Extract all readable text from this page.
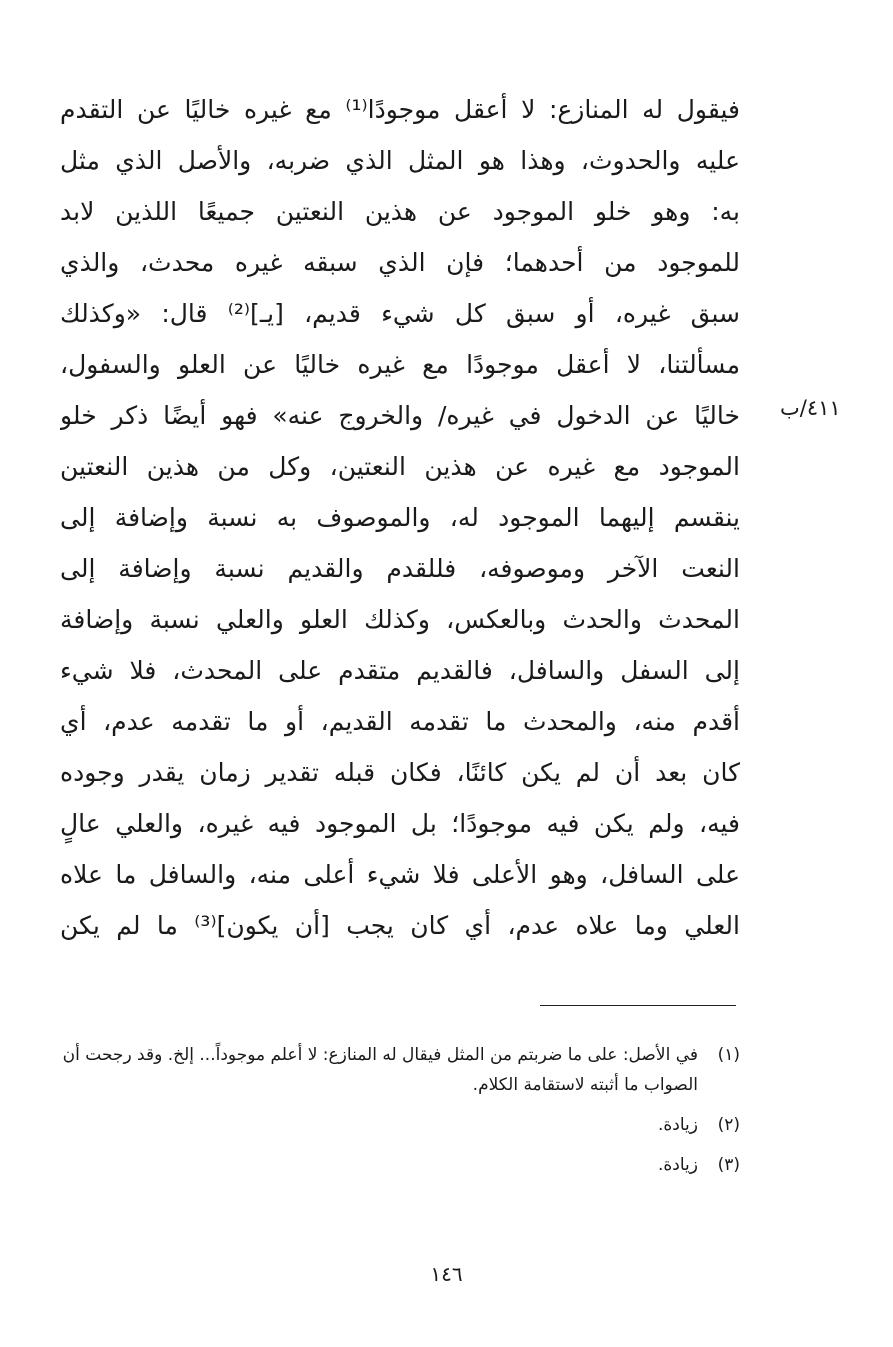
فيقول له المنازع: لا أعقل موجودًا⁽¹⁾ مع غيره خاليًا عن التقدم
عليه والحدوث، وهذا هو المثل الذي ضربه، والأصل الذي مثل
به: وهو خلو الموجود عن هذين النعتين جميعًا اللذين لابد
للموجود من أحدهما؛ فإن الذي سبقه غيره محدث، والذي
سبق غيره، أو سبق كل شيء قديم، [يـ]⁽²⁾ قال: «وكذلك
مسألتنا، لا أعقل موجودًا مع غيره خاليًا عن العلو والسفول،
خاليًا عن الدخول في غيره/ والخروج عنه» فهو أيضًا ذكر خلو
الموجود مع غيره عن هذين النعتين، وكل من هذين النعتين
ينقسم إليهما الموجود له، والموصوف به نسبة وإضافة إلى
النعت الآخر وموصوفه، فللقدم والقديم نسبة وإضافة إلى
المحدث والحدث وبالعكس، وكذلك العلو والعلي نسبة وإضافة
إلى السفل والسافل، فالقديم متقدم على المحدث، فلا شيء
أقدم منه، والمحدث ما تقدمه القديم، أو ما تقدمه عدم، أي
كان بعد أن لم يكن كائنًا، فكان قبله تقدير زمان يقدر وجوده
فيه، ولم يكن فيه موجودًا؛ بل الموجود فيه غيره، والعلي عالٍ
على السافل، وهو الأعلى فلا شيء أعلى منه، والسافل ما علاه
العلي وما علاه عدم، أي كان يجب [أن يكون]⁽³⁾ ما لم يكن
٤١١/ب
(١)
في الأصل: على ما ضربتم من المثل فيقال له المنازع: لا أعلم موجوداً... إلخ. وقد رجحت أن الصواب ما أثبته لاستقامة الكلام.
(٢)
زيادة.
(٣)
زيادة.
١٤٦
